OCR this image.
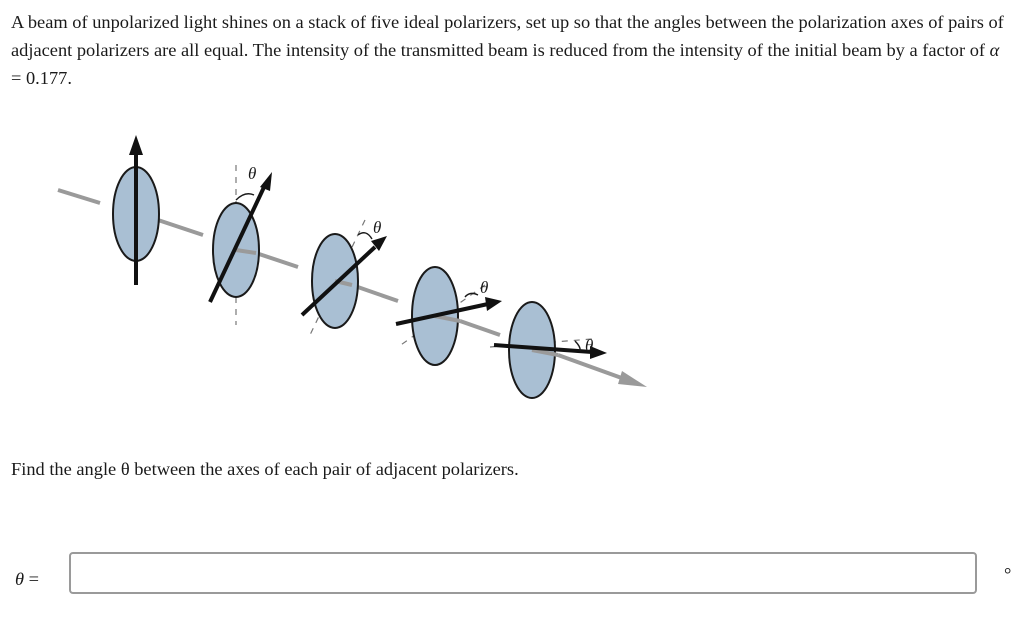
A beam of unpolarized light shines on a stack of five ideal polarizers, set up so that the angles between the polarization axes of pairs of adjacent polarizers are all equal. The intensity of the transmitted beam is reduced from the intensity of the initial beam by a factor of α = 0.177.

θ
θ
θ
θ

Find the angle θ between the axes of each pair of adjacent polarizers.

θ =	°
